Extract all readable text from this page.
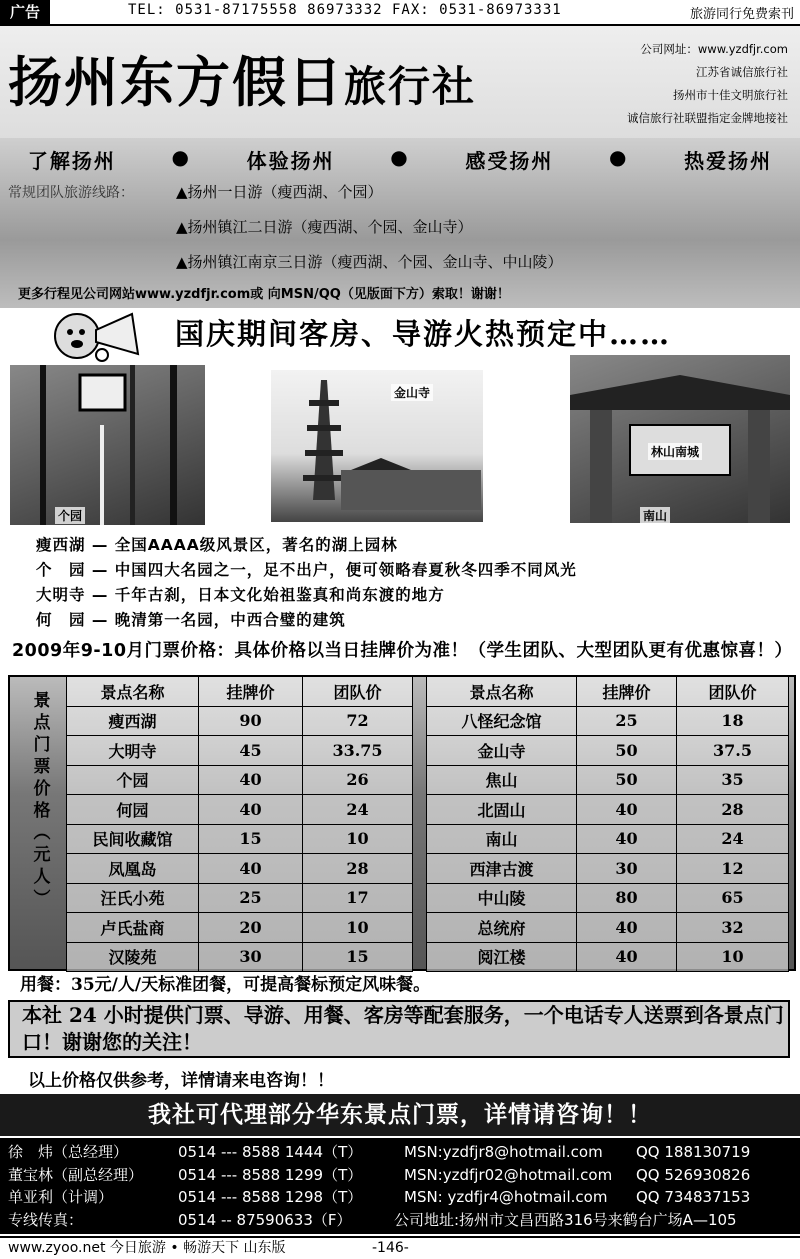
广告	TEL: 0531-87175558 86973332 FAX: 0531-86973331	旅游同行免费索刊
扬州东方假日旅行社
公司网址：www.yzdfjr.com
江苏省诚信旅行社
扬州市十佳文明旅行社
诚信旅行社联盟指定金牌地接社
了解扬州	●	体验扬州	●	感受扬州	●	热爱扬州
常规团队旅游线路：	▲扬州一日游（瘦西湖、个园）
▲扬州镇江二日游（瘦西湖、个园、金山寺）
▲扬州镇江南京三日游（瘦西湖、个园、金山寺、中山陵）
更多行程见公司网站www.yzdfjr.com或 向MSN/QQ（见版面下方）索取！谢谢！
国庆期间客房、导游火热预定中……
个园
金山寺
林山南城
南山
瘦西湖 — 全国AAAA级风景区，著名的湖上园林
个　园 — 中国四大名园之一，足不出户，便可领略春夏秋冬四季不同风光
大明寺 — 千年古刹，日本文化始祖鉴真和尚东渡的地方
何　园 — 晚清第一名园，中西合璧的建筑
2009年9-10月门票价格：具体价格以当日挂牌价为准！（学生团队、大型团队更有优惠惊喜！）
景
点
门
票
价
格
︵
元
人
︶
景点名称	挂牌价	团队价
瘦西湖	90	72
大明寺	45	33.75
个园	40	26
何园	40	24
民间收藏馆	15	10
凤凰岛	40	28
汪氏小苑	25	17
卢氏盐商	20	10
汉陵苑	30	15
景点名称	挂牌价	团队价
八怪纪念馆	25	18
金山寺	50	37.5
焦山	50	35
北固山	40	28
南山	40	24
西津古渡	30	12
中山陵	80	65
总统府	40	32
阅江楼	40	10
用餐：35元/人/天标准团餐，可提高餐标预定风味餐。
本社 24 小时提供门票、导游、用餐、客房等配套服务，一个电话专人送票到各景点门口！谢谢您的关注！
以上价格仅供参考，详情请来电咨询！！
我社可代理部分华东景点门票，详情请咨询！！
徐　炜（总经理）	0514 --- 8588 1444（T）	MSN:yzdfjr8@hotmail.com QQ 188130719
董宝林（副总经理） 0514 --- 8588 1299（T）	MSN:yzdfjr02@hotmail.com QQ 526930826
单亚利（计调）	0514 --- 8588 1298（T）	MSN: yzdfjr4@hotmail.com QQ 734837153
专线传真：	0514 -- 87590633（F）	公司地址:扬州市文昌西路316号来鹤台广场A—105
www.zyoo.net 今日旅游 • 畅游天下 山东版	-146-
